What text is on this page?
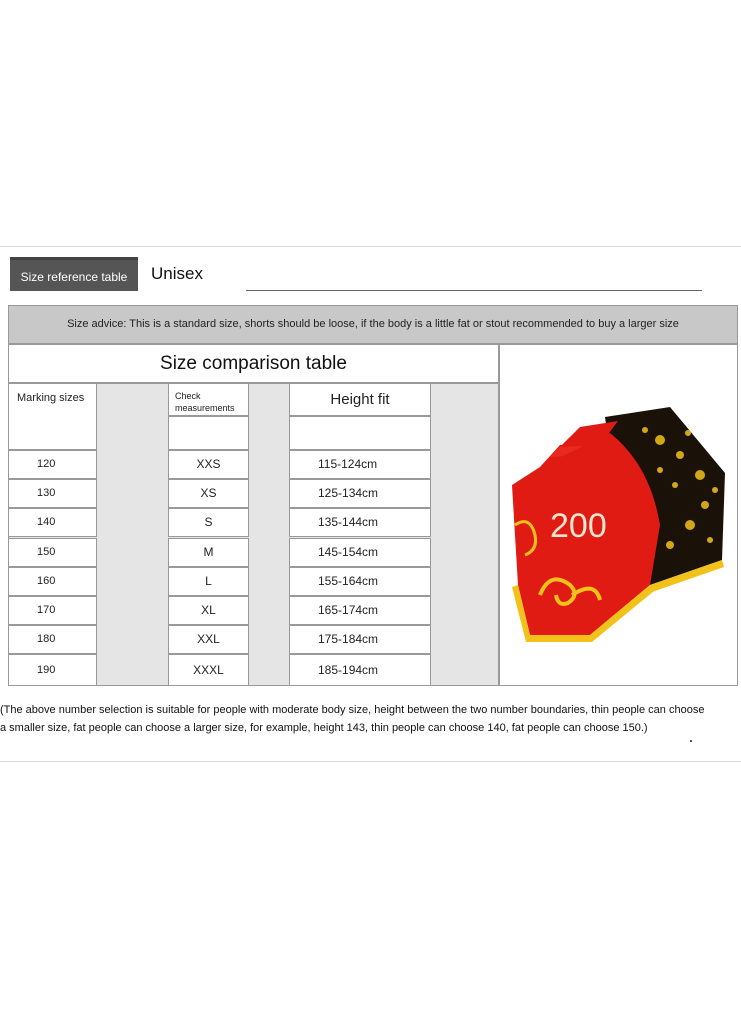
Size reference table	Unisex
Size advice: This is a standard size, shorts should be loose, if the body is a little fat or stout recommended to buy a larger size
Size comparison table
Marking sizes	Check measurements	Height fit
120	XXS	115-124cm
130	XS	125-134cm
140	S	135-144cm
150	M	145-154cm
160	L	155-164cm
170	XL	165-174cm
180	XXL	175-184cm
190	XXXL	185-194cm
200
(The above number selection is suitable for people with moderate body size, height between the two number boundaries, thin people can choose
a smaller size, fat people can choose a larger size, for example, height 143, thin people can choose 140, fat people can choose 150.)
